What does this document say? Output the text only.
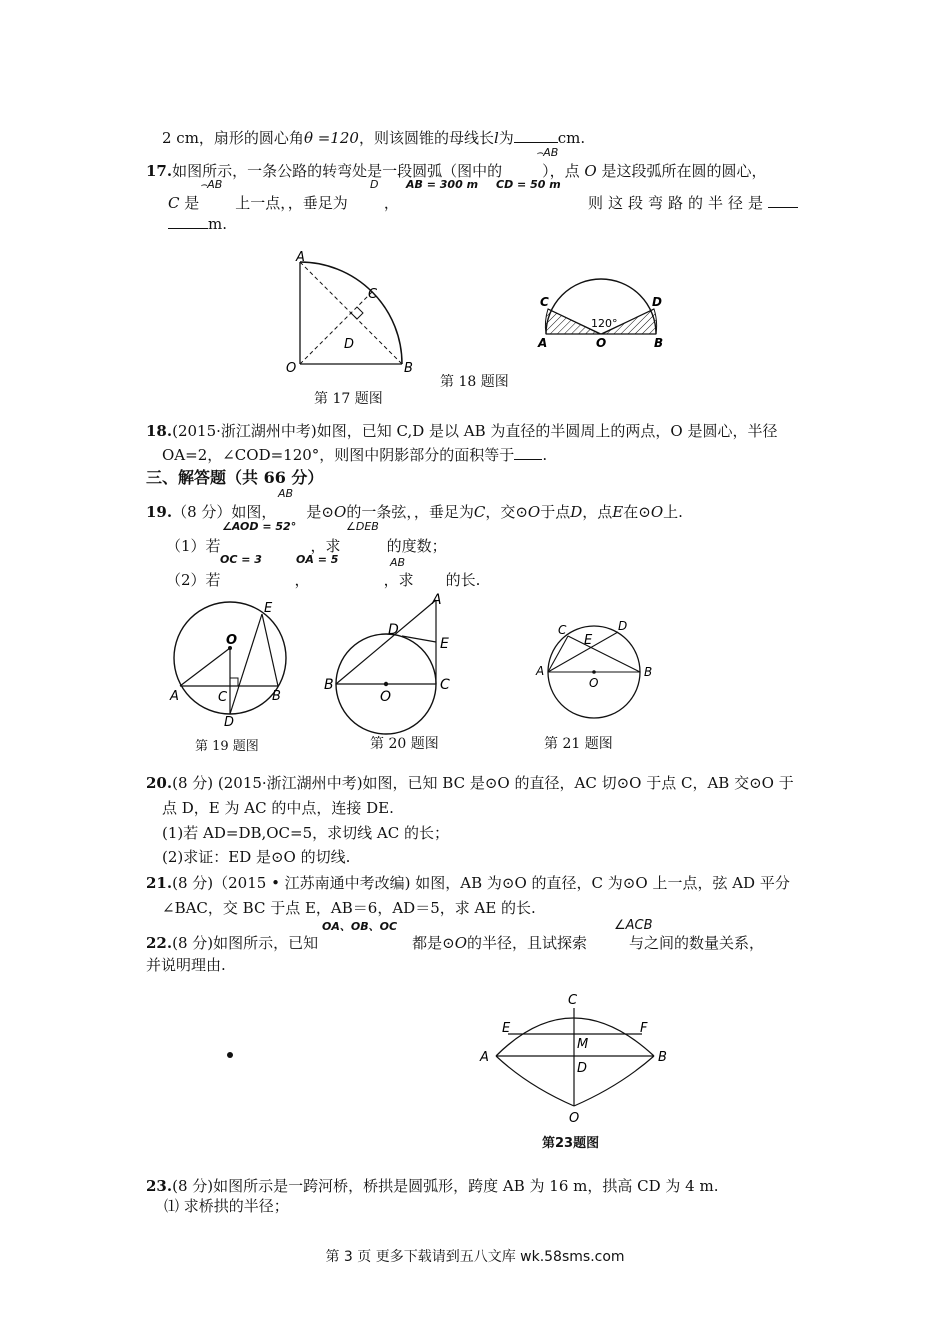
2 cm，扇形的圆心角θ =120，则该圆锥的母线长l为	cm.
⌢AB
17.如图所示，一条公路的转弯处是一段圆弧（图中的	），点 O 是这段弧所在圆的圆心，
⌢AB	D	AB = 300 m CD = 50 m
C 是 上一点，，垂足为 ，	则这段弯路的半径是
m.
A
C
D
O	B
第 17 题图
C	D
120°
A	O	B
第 18 题图
18.(2015·浙江湖州中考)如图，已知 C,D 是以 AB 为直径的半圆周上的两点，O 是圆心，半径
OA=2，∠COD=120°，则图中阴影部分的面积等于 .
三、解答题（共 66 分）
AB
19.（8 分）如图， 是⊙O的一条弦，，垂足为C，交⊙O于点D，点E在⊙O上.
∠AOD = 52°	∠DEB
（1）若	，求	的度数；
OC = 3	OA = 5	AB
（2）若	，	，求 的长.
E
O
A	C	B
D
第 19 题图
A
D
E
B
O
C
第 20 题图
C	D
E
A
O
B
第 21 题图
20.(8 分) (2015·浙江湖州中考)如图，已知 BC 是⊙O 的直径，AC 切⊙O 于点 C，AB 交⊙O 于
点 D，E 为 AC 的中点，连接 DE.
(1)若 AD=DB,OC=5，求切线 AC 的长；
(2)求证：ED 是⊙O 的切线.
21.(8 分)（2015 • 江苏南通中考改编) 如图，AB 为⊙O 的直径，C 为⊙O 上一点，弦 AD 平分
∠BAC，交 BC 于点 E，AB＝6，AD＝5，求 AE 的长.
OA、OB、OC	∠ACB
22.(8 分)如图所示，已知	都是⊙O的半径，且试探索	与之间的数量关系，
并说明理由.
C
E	F
M
A	B
D
O
第23题图
23.(8 分)如图所示是一跨河桥，桥拱是圆弧形，跨度 AB 为 16 m，拱高 CD 为 4 m.
⑴ 求桥拱的半径；
第 3 页 更多下载请到五八文库 wk.58sms.com
